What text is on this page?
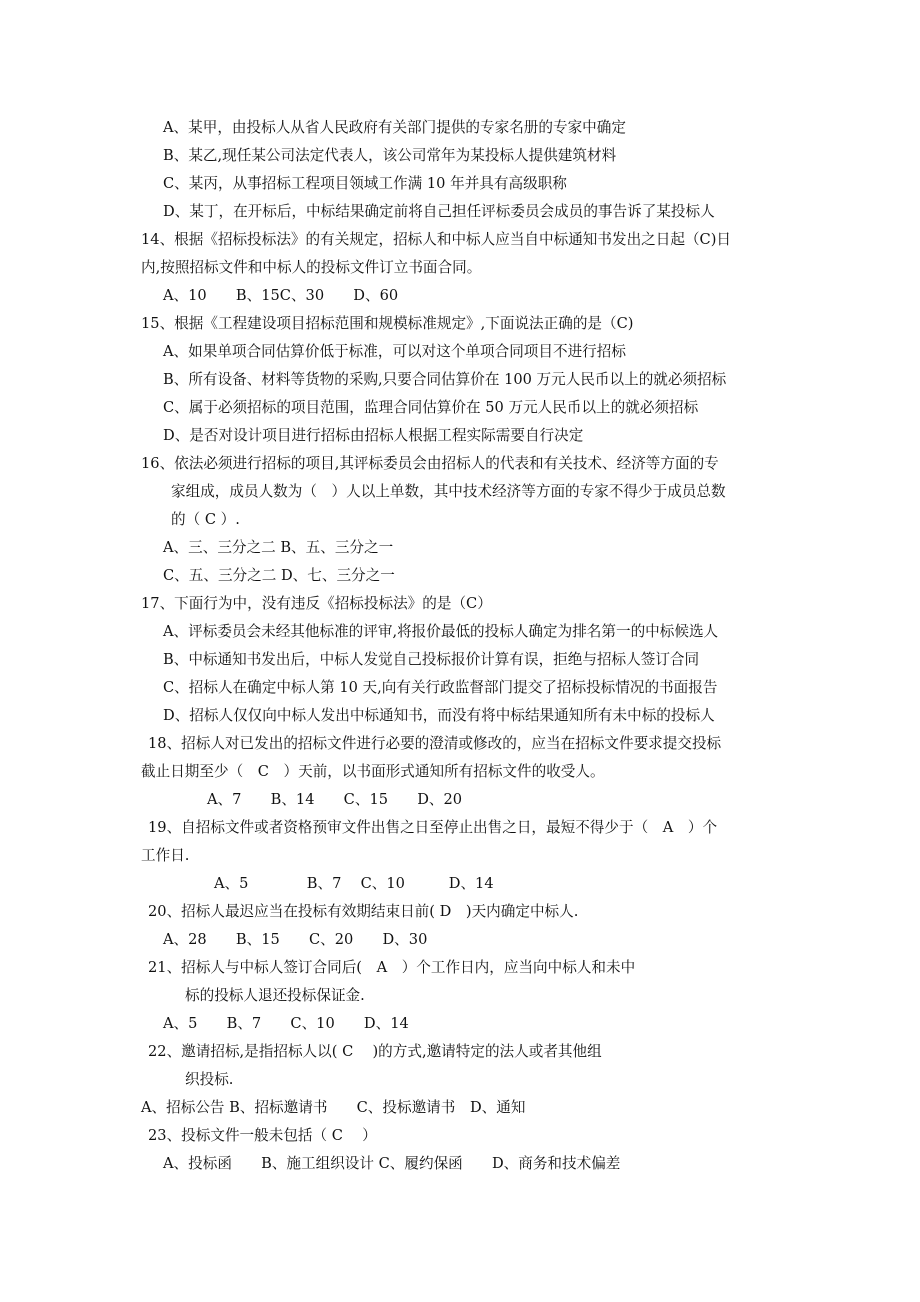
A、某甲，由投标人从省人民政府有关部门提供的专家名册的专家中确定

B、某乙,现任某公司法定代表人，该公司常年为某投标人提供建筑材料

C、某丙，从事招标工程项目领域工作满 10 年并具有高级职称

D、某丁，在开标后，中标结果确定前将自己担任评标委员会成员的事告诉了某投标人

14、根据《招标投标法》的有关规定，招标人和中标人应当自中标通知书发出之日起（C)日

内,按照招标文件和中标人的投标文件订立书面合同。

A、10　　B、15C、30　　D、60

15、根据《工程建设项目招标范围和规模标准规定》,下面说法正确的是（C)

A、如果单项合同估算价低于标准，可以对这个单项合同项目不进行招标

B、所有设备、材料等货物的采购,只要合同估算价在 100 万元人民币以上的就必须招标

C、属于必须招标的项目范围，监理合同估算价在 50 万元人民币以上的就必须招标

D、是否对设计项目进行招标由招标人根据工程实际需要自行决定

16、依法必须进行招标的项目,其评标委员会由招标人的代表和有关技术、经济等方面的专

家组成，成员人数为（　）人以上单数，其中技术经济等方面的专家不得少于成员总数

的（ C ）.

A、三、三分之二 B、五、三分之一

C、五、三分之二 D、七、三分之一

17、下面行为中，没有违反《招标投标法》的是（C）

A、评标委员会未经其他标准的评审,将报价最低的投标人确定为排名第一的中标候选人

B、中标通知书发出后，中标人发觉自己投标报价计算有误，拒绝与招标人签订合同

C、招标人在确定中标人第 10 天,向有关行政监督部门提交了招标投标情况的书面报告

D、招标人仅仅向中标人发出中标通知书，而没有将中标结果通知所有未中标的投标人

18、招标人对已发出的招标文件进行必要的澄清或修改的，应当在招标文件要求提交投标

截止日期至少（　C　）天前，以书面形式通知所有招标文件的收受人。

A、7　　B、14　　C、15　　D、20

19、自招标文件或者资格预审文件出售之日至停止出售之日，最短不得少于（　A　）个

工作日.

A、5　　　　B、7　 C、10　　　D、14

20、招标人最迟应当在投标有效期结束日前( D　)天内确定中标人.

A、28　　B、15　　C、20　　D、30

21、招标人与中标人签订合同后(　A　）个工作日内，应当向中标人和未中

标的投标人退还投标保证金.

A、5　　B、7　　C、10　　D、14

22、邀请招标,是指招标人以( C　 )的方式,邀请特定的法人或者其他组

织投标.

A、招标公告 B、招标邀请书　　C、投标邀请书　D、通知

23、投标文件一般未包括（ C　 ）

A、投标函　　B、施工组织设计 C、履约保函　　D、商务和技术偏差
